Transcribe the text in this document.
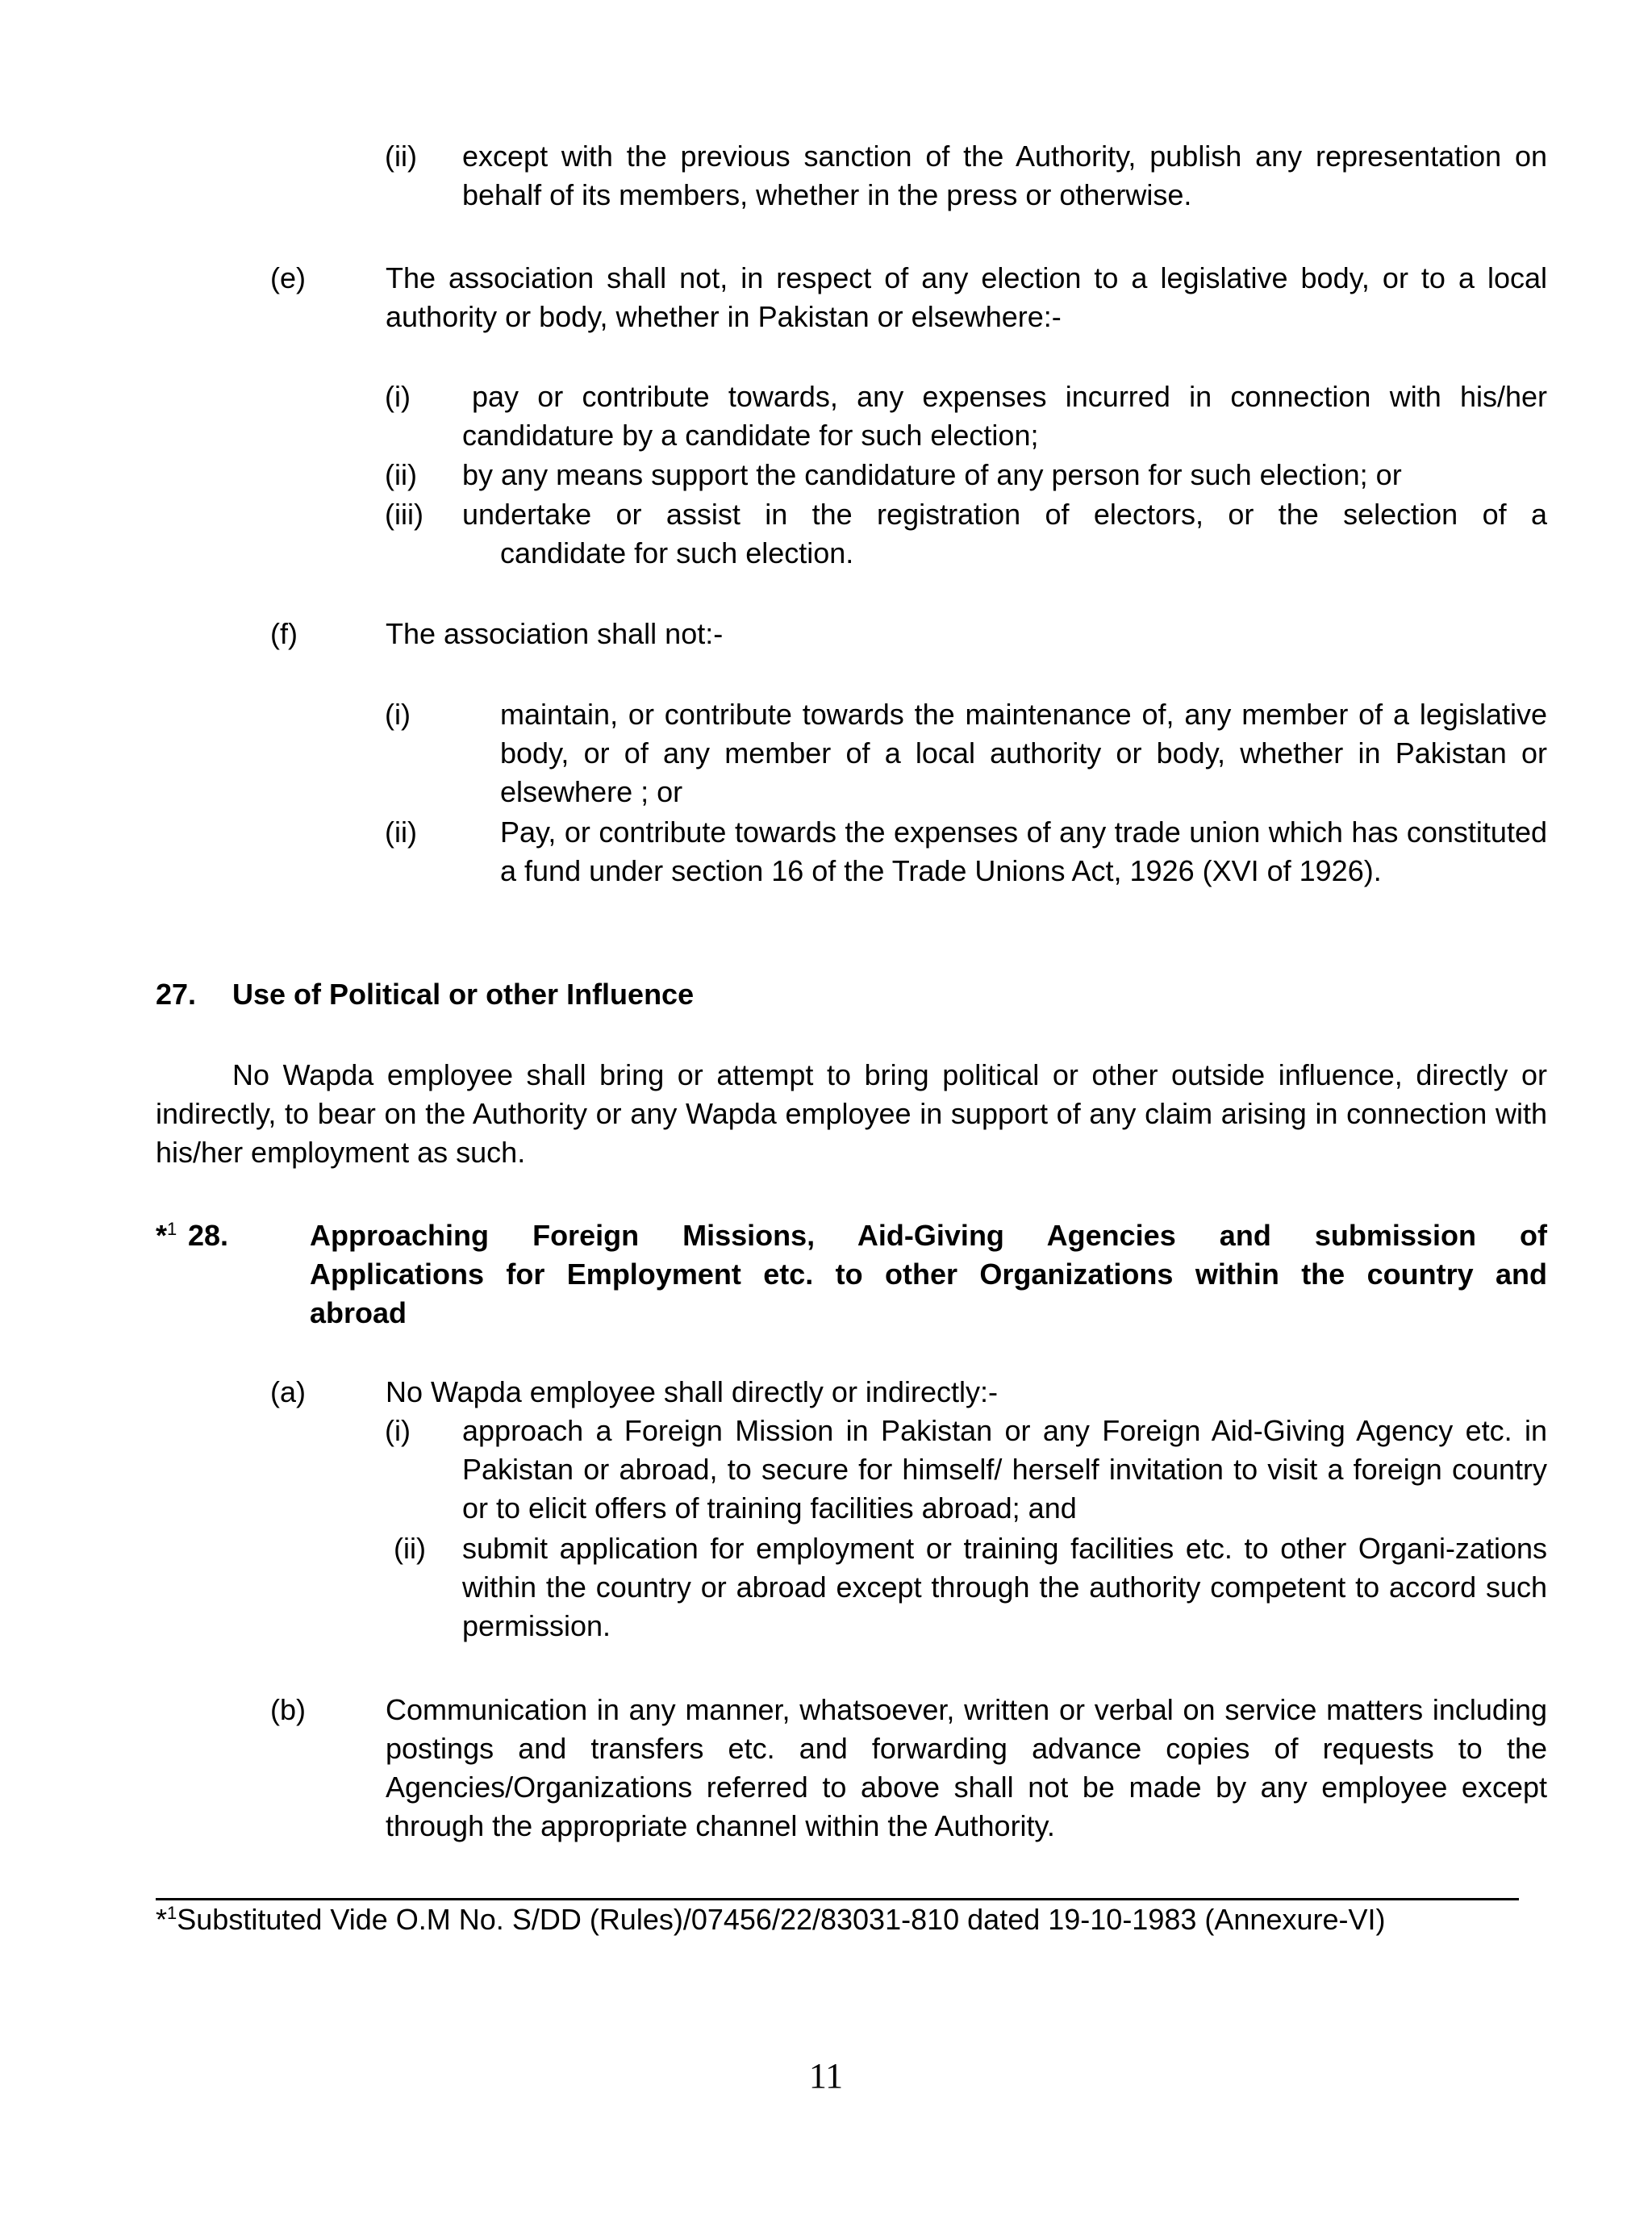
(ii) except with the previous sanction of the Authority, publish any representation on behalf of its members, whether in the press or otherwise.
(e)	The association shall not, in respect of any election to a legislative body, or to a local authority or body, whether in Pakistan or elsewhere:-
(i)	pay or contribute towards, any expenses incurred in connection with his/her candidature by a candidate for such election;
(ii) by any means support the candidature of any person for such election; or
(iii) undertake or assist in the registration of electors, or the selection of a
candidate for such election.
(f)	The association shall not:-
(i)	maintain, or contribute towards the maintenance of, any member of a legislative body, or of any member of a local authority or body, whether in Pakistan or elsewhere ; or
(ii)	Pay, or contribute towards the expenses of any trade union which has constituted a fund under section 16 of the Trade Unions Act, 1926 (XVI of 1926).
27. Use of Political or other Influence
No Wapda employee shall bring or attempt to bring political or other outside influence, directly or indirectly, to bear on the Authority or any Wapda employee in support of any claim arising in connection with his/her employment as such.
*$^1$ 28.	Approaching Foreign Missions, Aid-Giving Agencies and submission of
Applications for Employment etc. to other Organizations within the country and
abroad
(a)	No Wapda employee shall directly or indirectly:-
(i) approach a Foreign Mission in Pakistan or any Foreign Aid-Giving Agency etc. in Pakistan or abroad, to secure for himself/ herself invitation to visit a foreign country or to elicit offers of training facilities abroad; and
(ii) submit application for employment or training facilities etc. to other Organi-zations within the country or abroad except through the authority competent to accord such permission.
(b)	Communication in any manner, whatsoever, written or verbal on service matters including postings and transfers etc. and forwarding advance copies of requests to the Agencies/Organizations referred to above shall not be made by any employee except through the appropriate channel within the Authority.
*$^1$Substituted Vide O.M No. S/DD (Rules)/07456/22/83031-810 dated 19-10-1983 (Annexure-VI)
11
